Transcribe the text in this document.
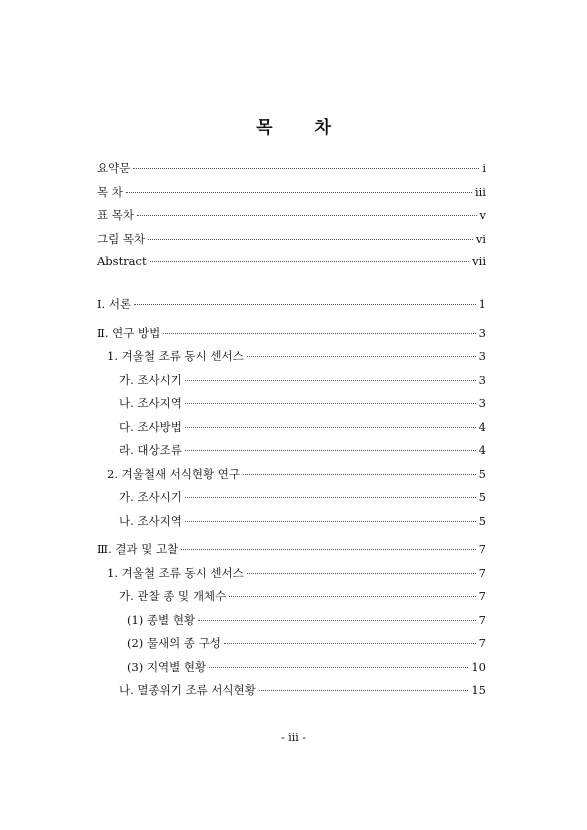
목 차
요약문	i
목 차	iii
표 목차	v
그림 목차	vi
Abstract	vii
Ⅰ. 서론	1
Ⅱ. 연구 방법	3
1. 겨울철 조류 동시 센서스	3
가. 조사시기	3
나. 조사지역	3
다. 조사방법	4
라. 대상조류	4
2. 겨울철새 서식현황 연구	5
가. 조사시기	5
나. 조사지역	5
Ⅲ. 결과 및 고찰	7
1. 겨울철 조류 동시 센서스	7
가. 관찰 종 및 개체수	7
(1) 종별 현황	7
(2) 물새의 종 구성	7
(3) 지역별 현황	10
나. 멸종위기 조류 서식현황	15
- iii -
